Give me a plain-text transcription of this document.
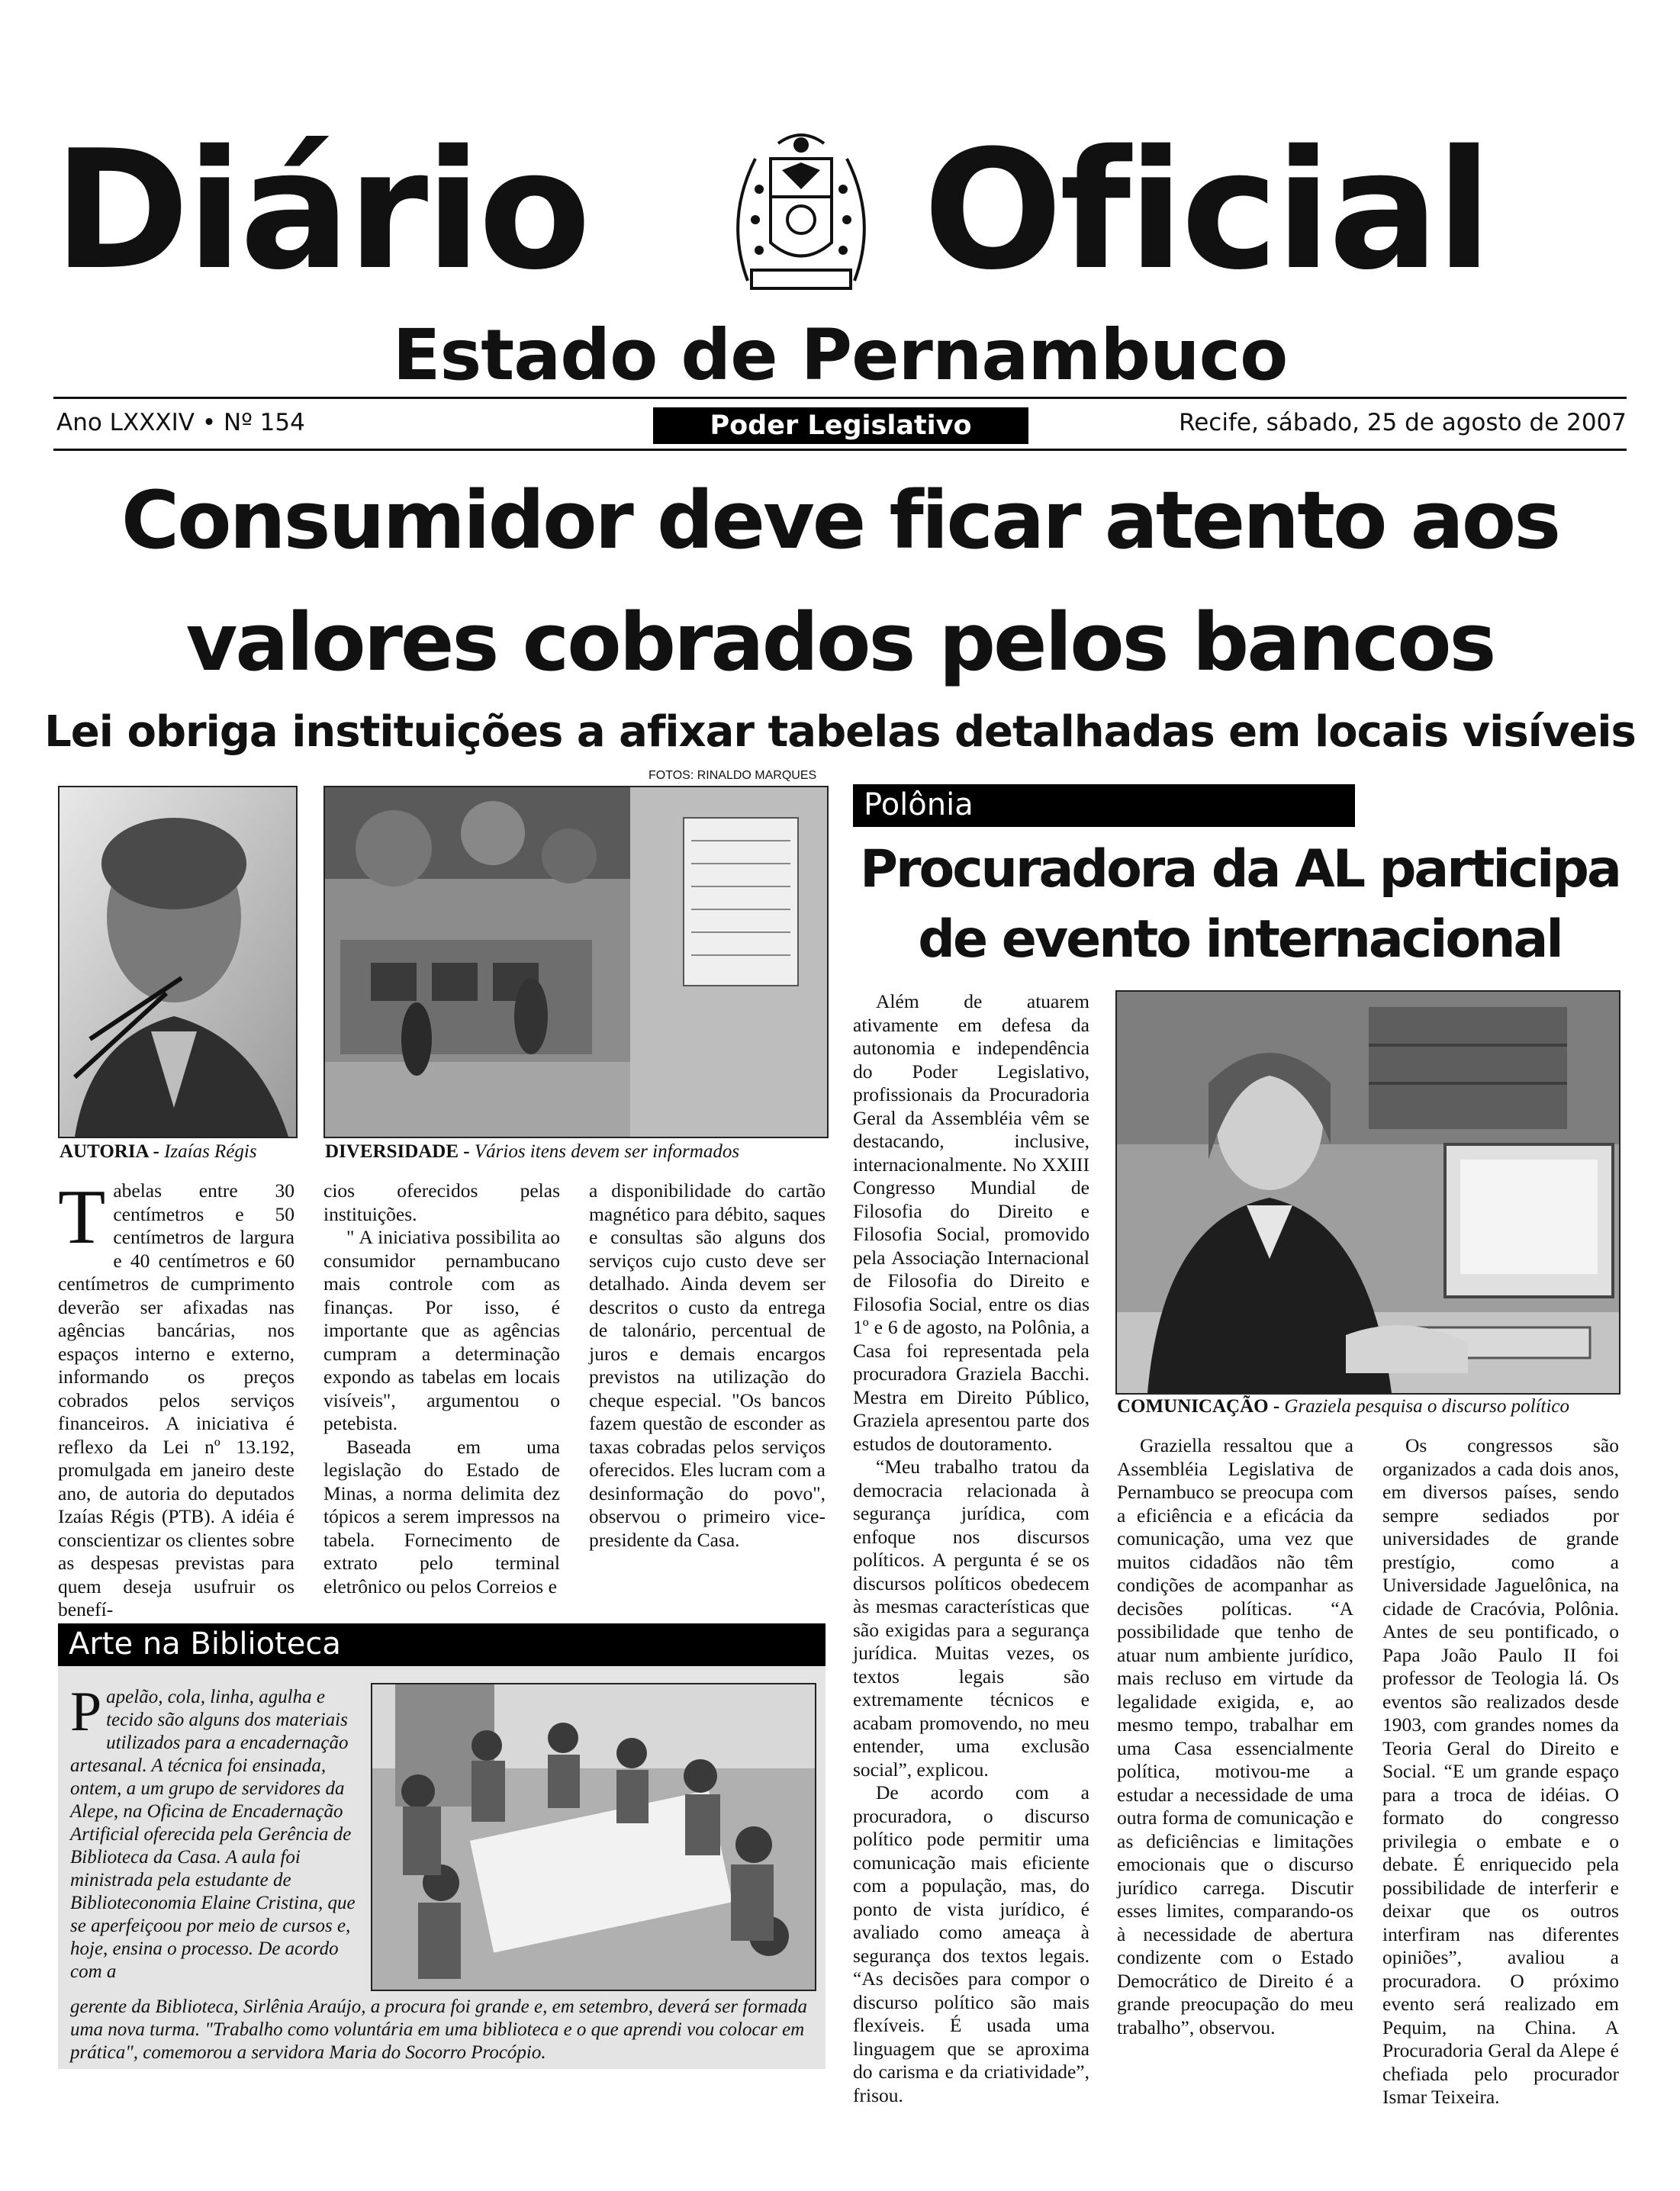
Diário Oficial
Estado de Pernambuco
Ano LXXXIV • Nº 154	Poder Legislativo	Recife, sábado, 25 de agosto de 2007
Consumidor deve ficar atento aos
valores cobrados pelos bancos
Lei obriga instituições a afixar tabelas detalhadas em locais visíveis
FOTOS: RINALDO MARQUES
AUTORIA - Izaías Régis	DIVERSIDADE - Vários itens devem ser informados

Tabelas entre 30 centímetros e 50 centímetros de largura e 40 centímetros e 60 centímetros de cumprimento deverão ser afixadas nas agências bancárias, nos espaços interno e externo, informando os preços cobrados pelos serviços financeiros. A iniciativa é reflexo da Lei nº 13.192, promulgada em janeiro deste ano, de autoria do deputados Izaías Régis (PTB). A idéia é conscientizar os clientes sobre as despesas previstas para quem deseja usufruir os benefí-

cios oferecidos pelas instituições.

" A iniciativa possibilita ao consumidor pernambucano mais controle com as finanças. Por isso, é importante que as agências cumpram a determinação expondo as tabelas em locais visíveis", argumentou o petebista.

Baseada em uma legislação do Estado de Minas, a norma delimita dez tópicos a serem impressos na tabela. Fornecimento de extrato pelo terminal eletrônico ou pelos Correios e

a disponibilidade do cartão magnético para débito, saques e consultas são alguns dos serviços cujo custo deve ser detalhado. Ainda devem ser descritos o custo da entrega de talonário, percentual de juros e demais encargos previstos na utilização do cheque especial. "Os bancos fazem questão de esconder as taxas cobradas pelos serviços oferecidos. Eles lucram com a desinformação do povo", observou o primeiro vice-presidente da Casa.

Arte na Biblioteca
Papelão, cola, linha, agulha e tecido são alguns dos materiais utilizados para a encadernação artesanal. A técnica foi ensinada, ontem, a um grupo de servidores da Alepe, na Oficina de Encadernação Artificial oferecida pela Gerência de Biblioteca da Casa. A aula foi ministrada pela estudante de Biblioteconomia Elaine Cristina, que se aperfeiçoou por meio de cursos e, hoje, ensina o processo. De acordo com a
gerente da Biblioteca, Sirlênia Araújo, a procura foi grande e, em setembro, deverá ser formada uma nova turma. "Trabalho como voluntária em uma biblioteca e o que aprendi vou colocar em prática", comemorou a servidora Maria do Socorro Procópio.
Polônia
Procuradora da AL participa
de evento internacional
COMUNICAÇÃO - Graziela pesquisa o discurso político

Além de atuarem ativamente em defesa da autonomia e independência do Poder Legislativo, profissionais da Procuradoria Geral da Assembléia vêm se destacando, inclusive, internacionalmente. No XXIII Congresso Mundial de Filosofia do Direito e Filosofia Social, promovido pela Associação Internacional de Filosofia do Direito e Filosofia Social, entre os dias 1º e 6 de agosto, na Polônia, a Casa foi representada pela procuradora Graziela Bacchi. Mestra em Direito Público, Graziela apresentou parte dos estudos de doutoramento.

“Meu trabalho tratou da democracia relacionada à segurança jurídica, com enfoque nos discursos políticos. A pergunta é se os discursos políticos obedecem às mesmas características que são exigidas para a segurança jurídica. Muitas vezes, os textos legais são extremamente técnicos e acabam promovendo, no meu entender, uma exclusão social”, explicou.

De acordo com a procuradora, o discurso político pode permitir uma comunicação mais eficiente com a população, mas, do ponto de vista jurídico, é avaliado como ameaça à segurança dos textos legais. “As decisões para compor o discurso político são mais flexíveis. É usada uma linguagem que se aproxima do carisma e da criatividade”, frisou.

Graziella ressaltou que a Assembléia Legislativa de Pernambuco se preocupa com a eficiência e a eficácia da comunicação, uma vez que muitos cidadãos não têm condições de acompanhar as decisões políticas. “A possibilidade que tenho de atuar num ambiente jurídico, mais recluso em virtude da legalidade exigida, e, ao mesmo tempo, trabalhar em uma Casa essencialmente política, motivou-me a estudar a necessidade de uma outra forma de comunicação e as deficiências e limitações emocionais que o discurso jurídico carrega. Discutir esses limites, comparando-os à necessidade de abertura condizente com o Estado Democrático de Direito é a grande preocupação do meu trabalho”, observou.

Os congressos são organizados a cada dois anos, em diversos países, sendo sempre sediados por universidades de grande prestígio, como a Universidade Jaguelônica, na cidade de Cracóvia, Polônia. Antes de seu pontificado, o Papa João Paulo II foi professor de Teologia lá. Os eventos são realizados desde 1903, com grandes nomes da Teoria Geral do Direito e Social. “E um grande espaço para a troca de idéias. O formato do congresso privilegia o embate e o debate. É enriquecido pela possibilidade de interferir e deixar que os outros interfiram nas diferentes opiniões”, avaliou a procuradora. O próximo evento será realizado em Pequim, na China. A Procuradoria Geral da Alepe é chefiada pelo procurador Ismar Teixeira.
